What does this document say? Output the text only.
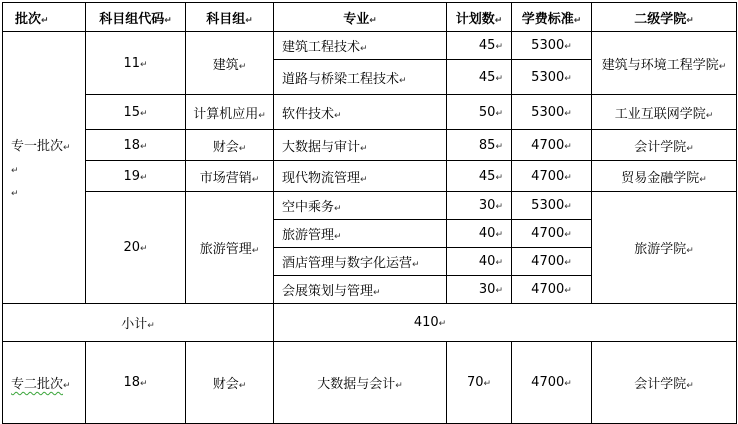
批次↵	科目组代码↵	科目组↵	专业↵	计划数↵	学费标准↵	二级学院↵
专一批次↵
↵
↵	11↵	建筑↵	建筑工程技术↵	45↵	5300↵	建筑与环境工程学院↵
			道路与桥梁工程技术↵	45↵	5300↵	
	15↵	计算机应用↵	软件技术↵	50↵	5300↵	工业互联网学院↵
	18↵	财会↵	大数据与审计↵	85↵	4700↵	会计学院↵
	19↵	市场营销↵	现代物流管理↵	45↵	4700↵	贸易金融学院↵
	20↵	旅游管理↵	空中乘务↵	30↵	5300↵	旅游学院↵
			旅游管理↵	40↵	4700↵	
			酒店管理与数字化运营↵	40↵	4700↵	
			会展策划与管理↵	30↵	4700↵	
小计↵			410↵			
专二批次↵	18↵	财会↵	大数据与会计↵	70↵	4700↵	会计学院↵
